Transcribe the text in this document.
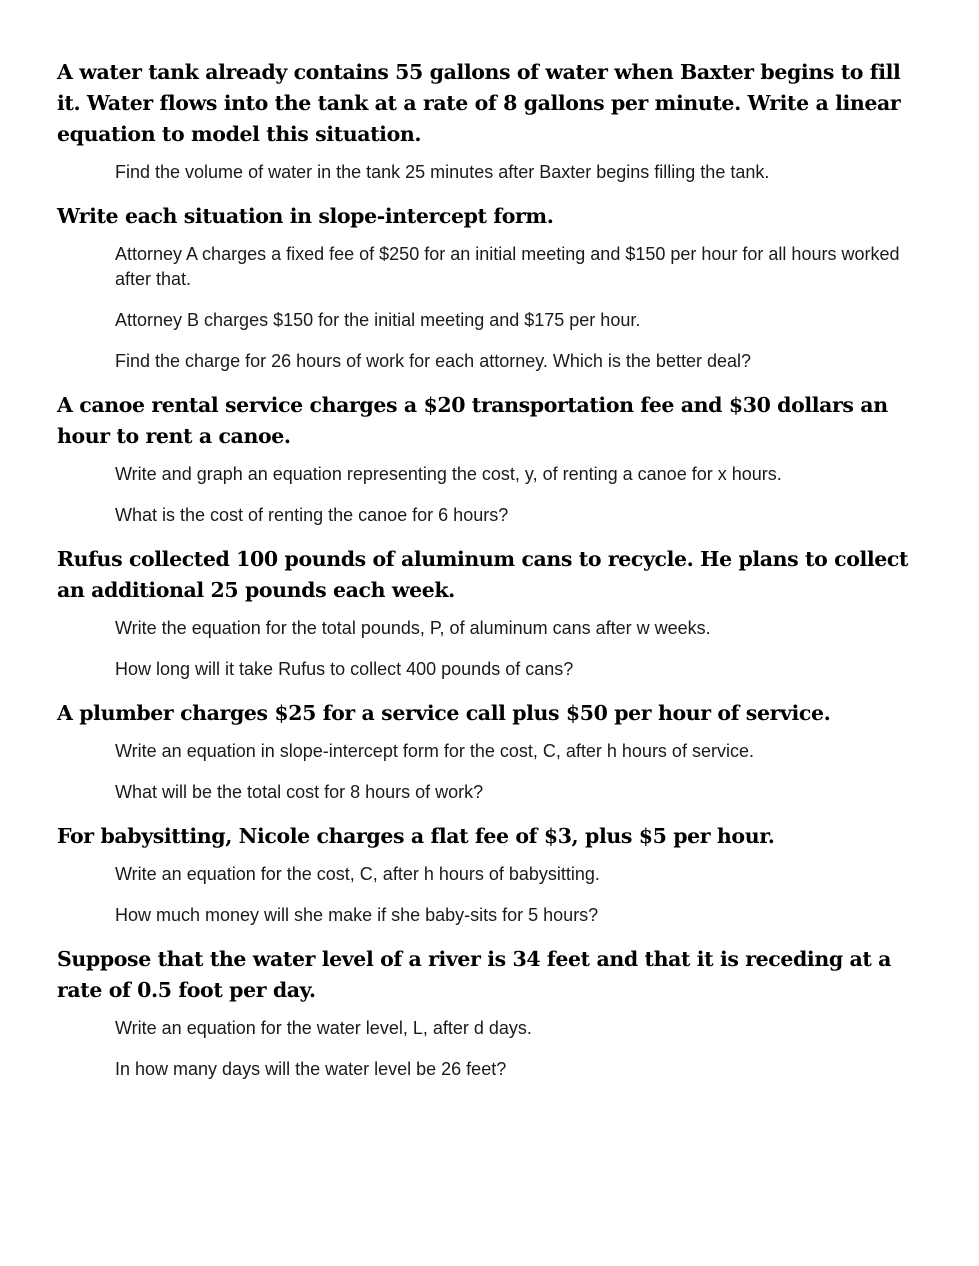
A water tank already contains 55 gallons of water when Baxter begins to fill it. Water flows into the tank at a rate of 8 gallons per minute. Write a linear equation to model this situation.

Find the volume of water in the tank 25 minutes after Baxter begins filling the tank.

Write each situation in slope-intercept form.

Attorney A charges a fixed fee of $250 for an initial meeting and $150 per hour for all hours worked after that.

Attorney B charges $150 for the initial meeting and $175 per hour.

Find the charge for 26 hours of work for each attorney. Which is the better deal?

A canoe rental service charges a $20 transportation fee and $30 dollars an hour to rent a canoe.

Write and graph an equation representing the cost, y, of renting a canoe for x hours.

What is the cost of renting the canoe for 6 hours?

Rufus collected 100 pounds of aluminum cans to recycle. He plans to collect an additional 25 pounds each week.

Write the equation for the total pounds, P, of aluminum cans after w weeks.

How long will it take Rufus to collect 400 pounds of cans?

A plumber charges $25 for a service call plus $50 per hour of service.

Write an equation in slope-intercept form for the cost, C, after h hours of service.

What will be the total cost for 8 hours of work?

For babysitting, Nicole charges a flat fee of $3, plus $5 per hour.

Write an equation for the cost, C, after h hours of babysitting.

How much money will she make if she baby-sits for 5 hours?

Suppose that the water level of a river is 34 feet and that it is receding at a rate of 0.5 foot per day.

Write an equation for the water level, L, after d days.

In how many days will the water level be 26 feet?
